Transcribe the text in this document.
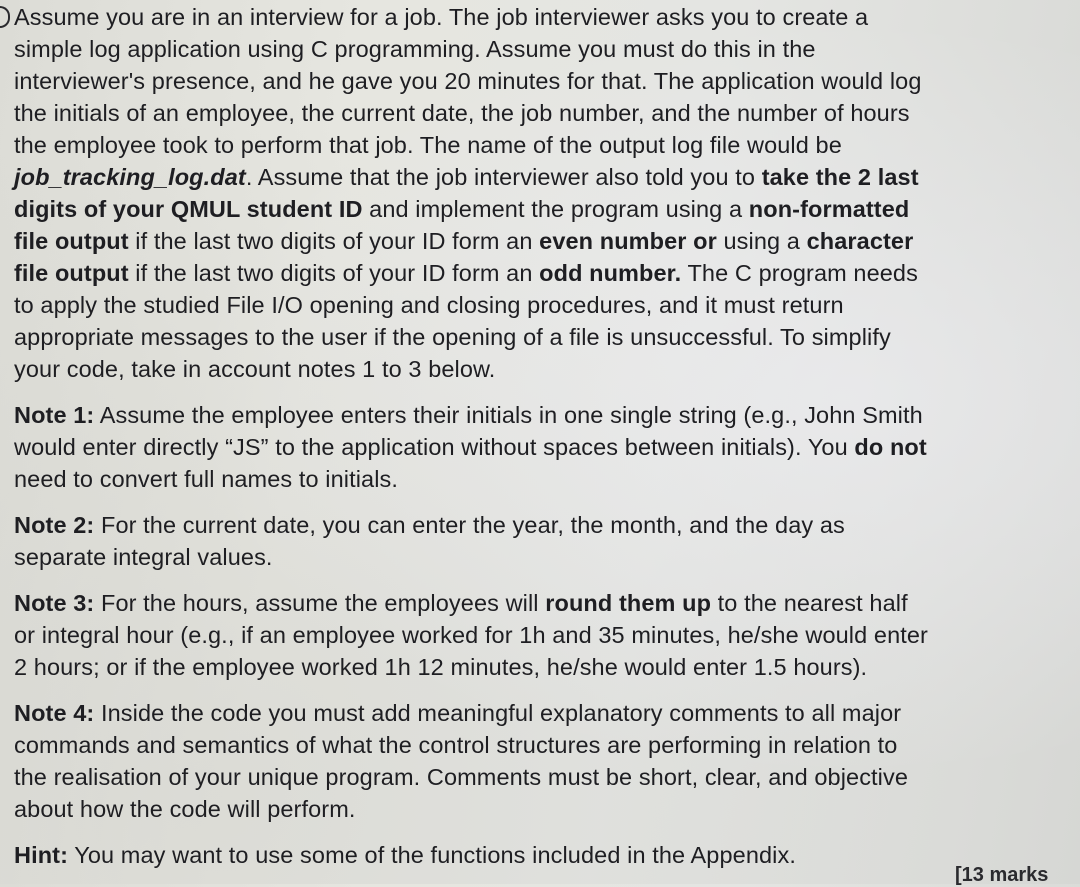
Assume you are in an interview for a job. The job interviewer asks you to create a
simple log application using C programming. Assume you must do this in the
interviewer's presence, and he gave you 20 minutes for that. The application would log
the initials of an employee, the current date, the job number, and the number of hours
the employee took to perform that job. The name of the output log file would be
job_tracking_log.dat. Assume that the job interviewer also told you to take the 2 last
digits of your QMUL student ID and implement the program using a non-formatted
file output if the last two digits of your ID form an even number or using a character
file output if the last two digits of your ID form an odd number. The C program needs
to apply the studied File I/O opening and closing procedures, and it must return
appropriate messages to the user if the opening of a file is unsuccessful. To simplify
your code, take in account notes 1 to 3 below.
Note 1: Assume the employee enters their initials in one single string (e.g., John Smith
would enter directly “JS” to the application without spaces between initials). You do not
need to convert full names to initials.
Note 2: For the current date, you can enter the year, the month, and the day as
separate integral values.
Note 3: For the hours, assume the employees will round them up to the nearest half
or integral hour (e.g., if an employee worked for 1h and 35 minutes, he/she would enter
2 hours; or if the employee worked 1h 12 minutes, he/she would enter 1.5 hours).
Note 4: Inside the code you must add meaningful explanatory comments to all major
commands and semantics of what the control structures are performing in relation to
the realisation of your unique program. Comments must be short, clear, and objective
about how the code will perform.
Hint: You may want to use some of the functions included in the Appendix.
[13 marks
